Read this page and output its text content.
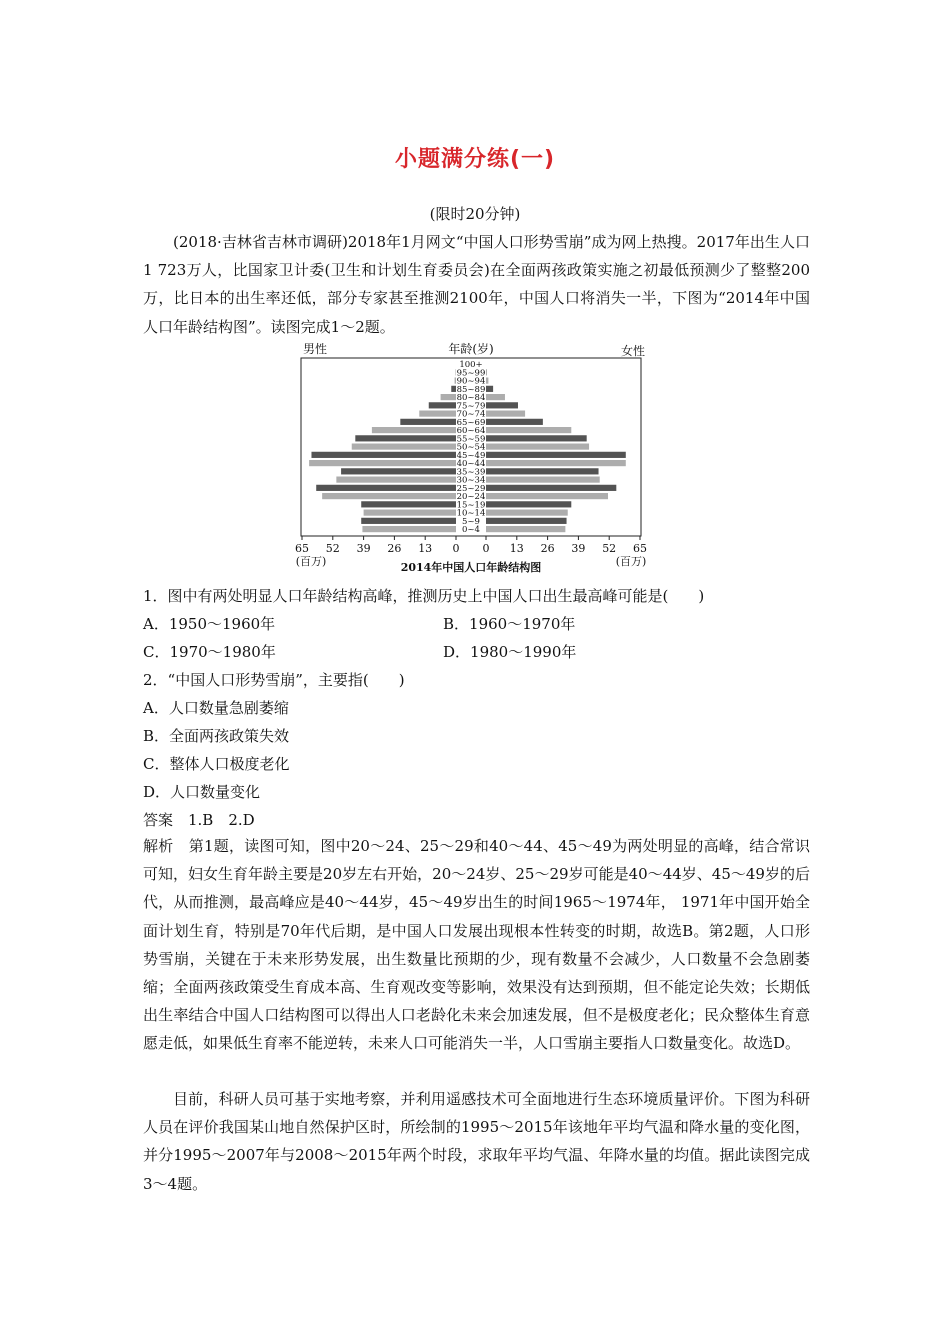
小题满分练(一)
(限时20分钟)
(2018·吉林省吉林市调研)2018年1月网文“中国人口形势雪崩”成为网上热搜。2017年出生人口1 723万人，比国家卫计委(卫生和计划生育委员会)在全面两孩政策实施之初最低预测少了整整200万，比日本的出生率还低，部分专家甚至推测2100年，中国人口将消失一半，下图为“2014年中国人口年龄结构图”。读图完成1～2题。
100+
95~99
90~94
85~89
80~84
75~79
70~74
65~69
60~64
55~59
50~54
45~49
40~44
35~39
30~34
25~29
20~24
15~19
10~14
5~9
0~4
65 52 39 26 13 0 0 13 26 39 52 65
(百万)	(百万)
2014年中国人口年龄结构图
男性	年龄(岁)	女性
1．图中有两处明显人口年龄结构高峰，推测历史上中国人口出生最高峰可能是(　　)
A．1950～1960年	B．1960～1970年
C．1970～1980年	D．1980～1990年
2．“中国人口形势雪崩”，主要指(　　)
A．人口数量急剧萎缩
B．全面两孩政策失效
C．整体人口极度老化
D．人口数量变化
答案　1.B　2.D
解析　第1题，读图可知，图中20～24、25～29和40～44、45～49为两处明显的高峰，结合常识可知，妇女生育年龄主要是20岁左右开始，20～24岁、25～29岁可能是40～44岁、45～49岁的后代，从而推测，最高峰应是40～44岁，45～49岁出生的时间1965～1974年， 1971年中国开始全面计划生育，特别是70年代后期，是中国人口发展出现根本性转变的时期，故选B。第2题，人口形势雪崩，关键在于未来形势发展，出生数量比预期的少，现有数量不会减少，人口数量不会急剧萎缩；全面两孩政策受生育成本高、生育观改变等影响，效果没有达到预期，但不能定论失效；长期低出生率结合中国人口结构图可以得出人口老龄化未来会加速发展，但不是极度老化；民众整体生育意愿走低，如果低生育率不能逆转，未来人口可能消失一半，人口雪崩主要指人口数量变化。故选D。
目前，科研人员可基于实地考察，并利用遥感技术可全面地进行生态环境质量评价。下图为科研人员在评价我国某山地自然保护区时，所绘制的1995～2015年该地年平均气温和降水量的变化图，并分1995～2007年与2008～2015年两个时段，求取年平均气温、年降水量的均值。据此读图完成3～4题。
